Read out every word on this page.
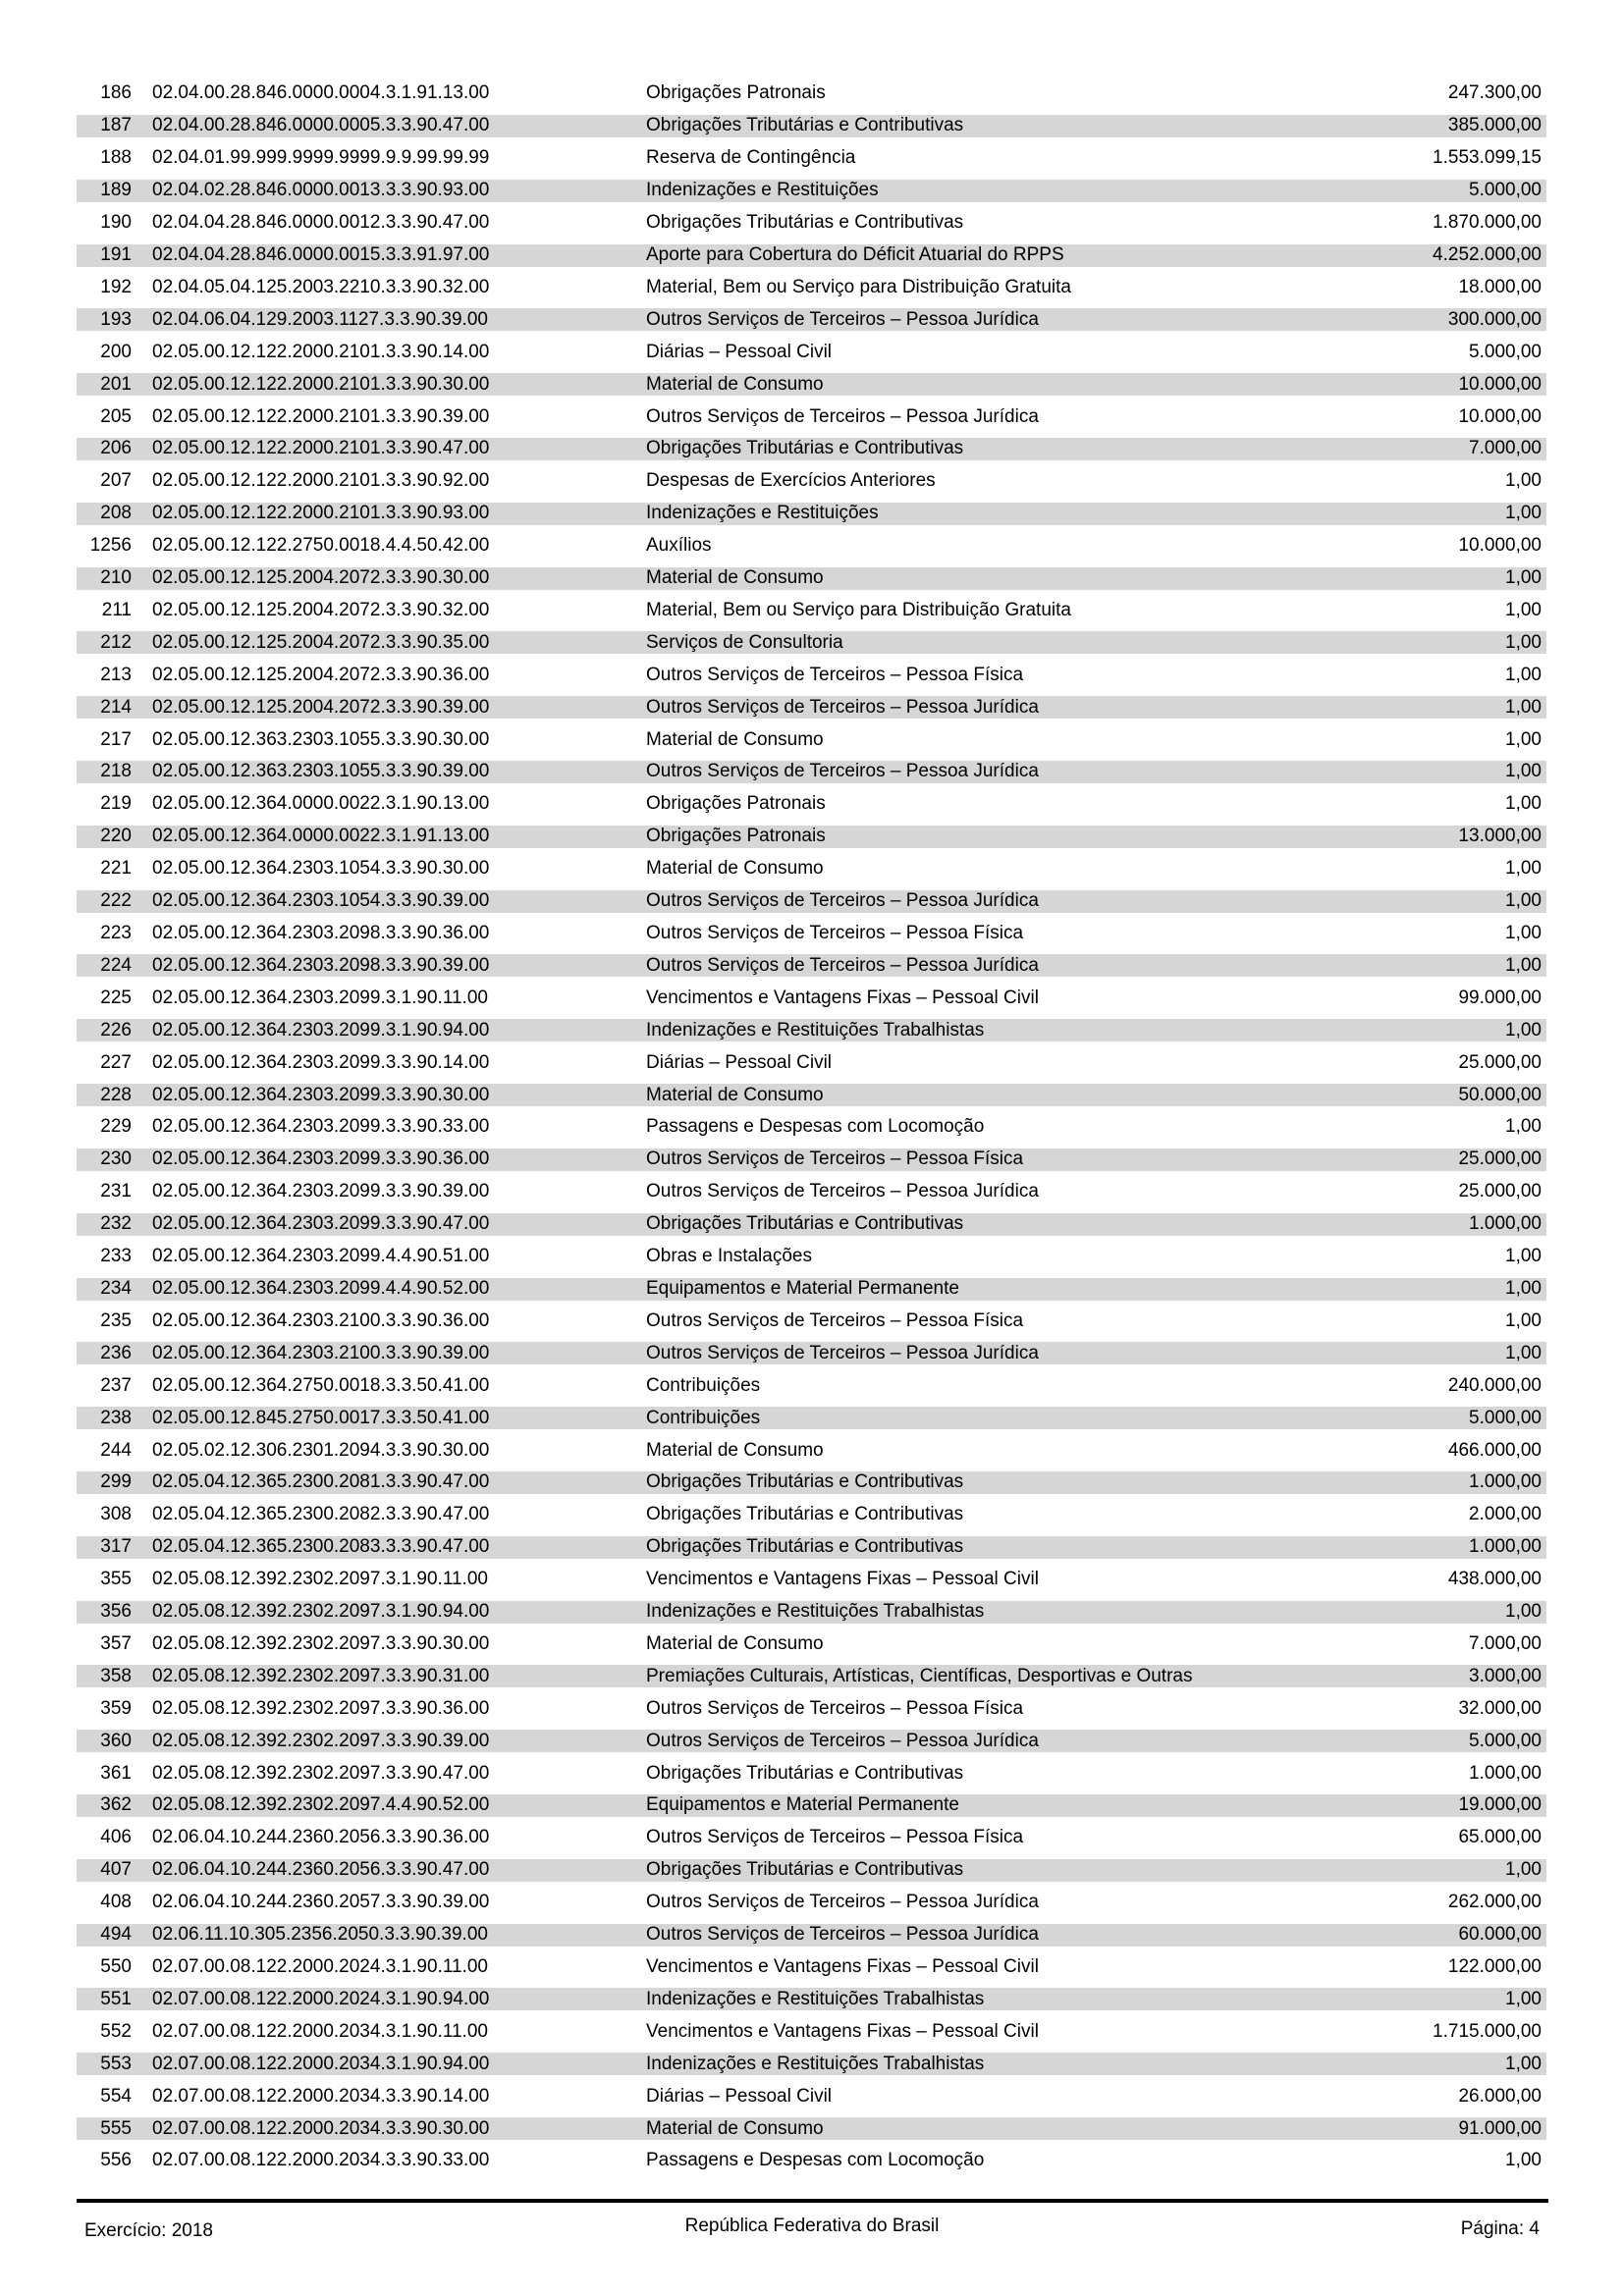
186 02.04.00.28.846.0000.0004.3.1.91.13.00	Obrigações Patronais	247.300,00
187 02.04.00.28.846.0000.0005.3.3.90.47.00	Obrigações Tributárias e Contributivas	385.000,00
188 02.04.01.99.999.9999.9999.9.9.99.99.99	Reserva de Contingência	1.553.099,15
189 02.04.02.28.846.0000.0013.3.3.90.93.00	Indenizações e Restituições	5.000,00
190 02.04.04.28.846.0000.0012.3.3.90.47.00	Obrigações Tributárias e Contributivas	1.870.000,00
191 02.04.04.28.846.0000.0015.3.3.91.97.00	Aporte para Cobertura do Déficit Atuarial do RPPS	4.252.000,00
192 02.04.05.04.125.2003.2210.3.3.90.32.00	Material, Bem ou Serviço para Distribuição Gratuita	18.000,00
193 02.04.06.04.129.2003.1127.3.3.90.39.00	Outros Serviços de Terceiros – Pessoa Jurídica	300.000,00
200 02.05.00.12.122.2000.2101.3.3.90.14.00	Diárias – Pessoal Civil	5.000,00
201 02.05.00.12.122.2000.2101.3.3.90.30.00	Material de Consumo	10.000,00
205 02.05.00.12.122.2000.2101.3.3.90.39.00	Outros Serviços de Terceiros – Pessoa Jurídica	10.000,00
206 02.05.00.12.122.2000.2101.3.3.90.47.00	Obrigações Tributárias e Contributivas	7.000,00
207 02.05.00.12.122.2000.2101.3.3.90.92.00	Despesas de Exercícios Anteriores	1,00
208 02.05.00.12.122.2000.2101.3.3.90.93.00	Indenizações e Restituições	1,00
1256 02.05.00.12.122.2750.0018.4.4.50.42.00	Auxílios	10.000,00
210 02.05.00.12.125.2004.2072.3.3.90.30.00	Material de Consumo	1,00
211 02.05.00.12.125.2004.2072.3.3.90.32.00	Material, Bem ou Serviço para Distribuição Gratuita	1,00
212 02.05.00.12.125.2004.2072.3.3.90.35.00	Serviços de Consultoria	1,00
213 02.05.00.12.125.2004.2072.3.3.90.36.00	Outros Serviços de Terceiros – Pessoa Física	1,00
214 02.05.00.12.125.2004.2072.3.3.90.39.00	Outros Serviços de Terceiros – Pessoa Jurídica	1,00
217 02.05.00.12.363.2303.1055.3.3.90.30.00	Material de Consumo	1,00
218 02.05.00.12.363.2303.1055.3.3.90.39.00	Outros Serviços de Terceiros – Pessoa Jurídica	1,00
219 02.05.00.12.364.0000.0022.3.1.90.13.00	Obrigações Patronais	1,00
220 02.05.00.12.364.0000.0022.3.1.91.13.00	Obrigações Patronais	13.000,00
221 02.05.00.12.364.2303.1054.3.3.90.30.00	Material de Consumo	1,00
222 02.05.00.12.364.2303.1054.3.3.90.39.00	Outros Serviços de Terceiros – Pessoa Jurídica	1,00
223 02.05.00.12.364.2303.2098.3.3.90.36.00	Outros Serviços de Terceiros – Pessoa Física	1,00
224 02.05.00.12.364.2303.2098.3.3.90.39.00	Outros Serviços de Terceiros – Pessoa Jurídica	1,00
225 02.05.00.12.364.2303.2099.3.1.90.11.00	Vencimentos e Vantagens Fixas – Pessoal Civil	99.000,00
226 02.05.00.12.364.2303.2099.3.1.90.94.00	Indenizações e Restituições Trabalhistas	1,00
227 02.05.00.12.364.2303.2099.3.3.90.14.00	Diárias – Pessoal Civil	25.000,00
228 02.05.00.12.364.2303.2099.3.3.90.30.00	Material de Consumo	50.000,00
229 02.05.00.12.364.2303.2099.3.3.90.33.00	Passagens e Despesas com Locomoção	1,00
230 02.05.00.12.364.2303.2099.3.3.90.36.00	Outros Serviços de Terceiros – Pessoa Física	25.000,00
231 02.05.00.12.364.2303.2099.3.3.90.39.00	Outros Serviços de Terceiros – Pessoa Jurídica	25.000,00
232 02.05.00.12.364.2303.2099.3.3.90.47.00	Obrigações Tributárias e Contributivas	1.000,00
233 02.05.00.12.364.2303.2099.4.4.90.51.00	Obras e Instalações	1,00
234 02.05.00.12.364.2303.2099.4.4.90.52.00	Equipamentos e Material Permanente	1,00
235 02.05.00.12.364.2303.2100.3.3.90.36.00	Outros Serviços de Terceiros – Pessoa Física	1,00
236 02.05.00.12.364.2303.2100.3.3.90.39.00	Outros Serviços de Terceiros – Pessoa Jurídica	1,00
237 02.05.00.12.364.2750.0018.3.3.50.41.00	Contribuições	240.000,00
238 02.05.00.12.845.2750.0017.3.3.50.41.00	Contribuições	5.000,00
244 02.05.02.12.306.2301.2094.3.3.90.30.00	Material de Consumo	466.000,00
299 02.05.04.12.365.2300.2081.3.3.90.47.00	Obrigações Tributárias e Contributivas	1.000,00
308 02.05.04.12.365.2300.2082.3.3.90.47.00	Obrigações Tributárias e Contributivas	2.000,00
317 02.05.04.12.365.2300.2083.3.3.90.47.00	Obrigações Tributárias e Contributivas	1.000,00
355 02.05.08.12.392.2302.2097.3.1.90.11.00	Vencimentos e Vantagens Fixas – Pessoal Civil	438.000,00
356 02.05.08.12.392.2302.2097.3.1.90.94.00	Indenizações e Restituições Trabalhistas	1,00
357 02.05.08.12.392.2302.2097.3.3.90.30.00	Material de Consumo	7.000,00
358 02.05.08.12.392.2302.2097.3.3.90.31.00	Premiações Culturais, Artísticas, Científicas, Desportivas e Outras	3.000,00
359 02.05.08.12.392.2302.2097.3.3.90.36.00	Outros Serviços de Terceiros – Pessoa Física	32.000,00
360 02.05.08.12.392.2302.2097.3.3.90.39.00	Outros Serviços de Terceiros – Pessoa Jurídica	5.000,00
361 02.05.08.12.392.2302.2097.3.3.90.47.00	Obrigações Tributárias e Contributivas	1.000,00
362 02.05.08.12.392.2302.2097.4.4.90.52.00	Equipamentos e Material Permanente	19.000,00
406 02.06.04.10.244.2360.2056.3.3.90.36.00	Outros Serviços de Terceiros – Pessoa Física	65.000,00
407 02.06.04.10.244.2360.2056.3.3.90.47.00	Obrigações Tributárias e Contributivas	1,00
408 02.06.04.10.244.2360.2057.3.3.90.39.00	Outros Serviços de Terceiros – Pessoa Jurídica	262.000,00
494 02.06.11.10.305.2356.2050.3.3.90.39.00	Outros Serviços de Terceiros – Pessoa Jurídica	60.000,00
550 02.07.00.08.122.2000.2024.3.1.90.11.00	Vencimentos e Vantagens Fixas – Pessoal Civil	122.000,00
551 02.07.00.08.122.2000.2024.3.1.90.94.00	Indenizações e Restituições Trabalhistas	1,00
552 02.07.00.08.122.2000.2034.3.1.90.11.00	Vencimentos e Vantagens Fixas – Pessoal Civil	1.715.000,00
553 02.07.00.08.122.2000.2034.3.1.90.94.00	Indenizações e Restituições Trabalhistas	1,00
554 02.07.00.08.122.2000.2034.3.3.90.14.00	Diárias – Pessoal Civil	26.000,00
555 02.07.00.08.122.2000.2034.3.3.90.30.00	Material de Consumo	91.000,00
556 02.07.00.08.122.2000.2034.3.3.90.33.00	Passagens e Despesas com Locomoção	1,00
Exercício: 2018	República Federativa do Brasil	Página: 4
